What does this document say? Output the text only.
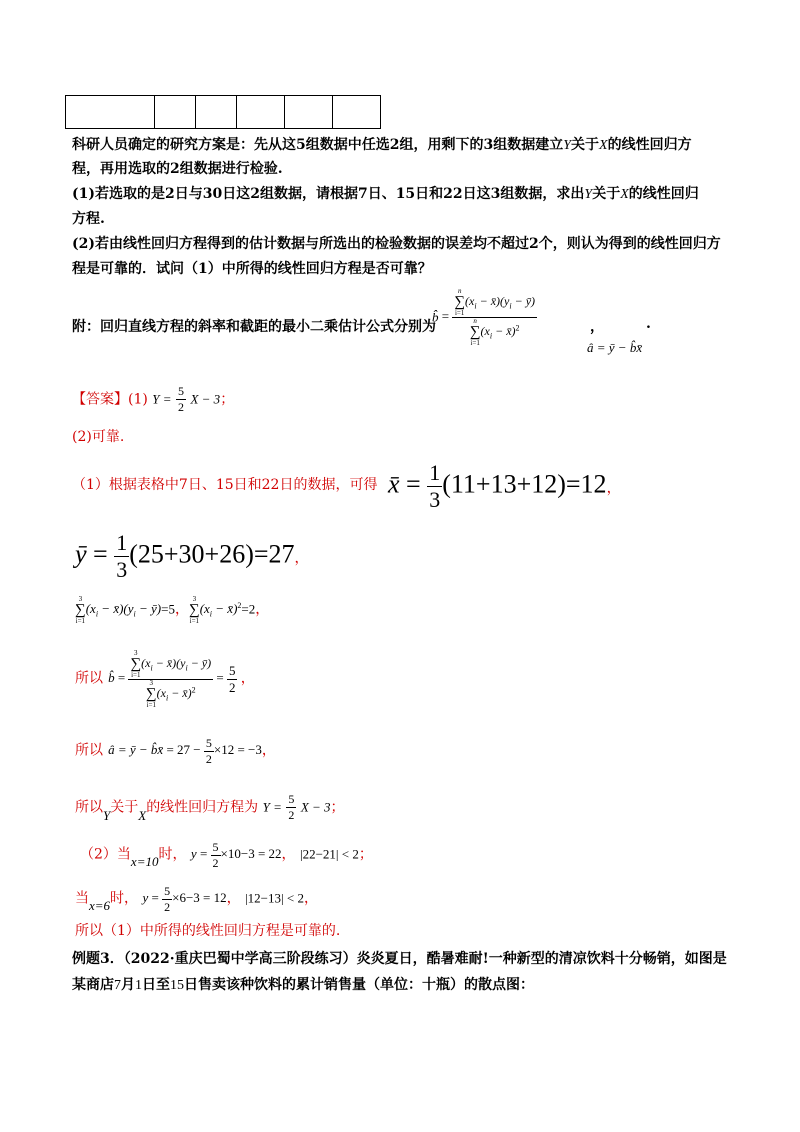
科研人员确定的研究方案是：先从这5组数据中任选2组，用剩下的3组数据建立Y关于X的线性回归方
程，再用选取的2组数据进行检验.
(1)若选取的是2日与30日这2组数据，请根据7日、15日和22日这3组数据，求出Y关于X的线性回归
方程.
(2)若由线性回归方程得到的估计数据与所选出的检验数据的误差均不超过2个，则认为得到的线性回归方
程是可靠的．试问（1）中所得的线性回归方程是否可靠？
附：回归直线方程的斜率和截距的最小二乘估计公式分别为
b̂ = n
∑
i=1
($x_i$ − $x̄)(y_i$ − ȳ)
n
∑
i=1
($x_i$ − x̄)$^2$	，
â = ȳ − b̂x̄
.
【答案】(1) $Y = \frac{5}{2}$ X − 3；
(2)可靠.
（1）根据表格中7日、15日和22日的数据，可得 x̄ = $\frac{1}{3} (11+13+12)=12$，
ȳ = $\frac{1}{3} (25+30+26)=27$，
3
∑
i=1
($x_i$ − $x̄)(y_i$ − ȳ)=5，
3
∑
i=1
($x_i$ − x̄)$^2$=2，
所以 b̂ = 3
∑
i=1
($x_i$ − $x̄)(y_i$ − ȳ)
3
∑
i=1
($x_i$ − x̄)$^2$ = $\frac{5}{2}$ ，
所以 â = ȳ − b̂x̄ = $27 - \frac{5}{2} \times 12 = -3$，
所以Y关于X的线性回归方程为 $Y = \frac{5}{2}$ X − 3；
（2）当x=10时， $y = \frac{5}{2} \times 10-3 = 22$， |22−21| < 2；
当x=6时， $y = \frac{5}{2} \times 6-3 = 12$， |12−13| < 2，
所以（1）中所得的线性回归方程是可靠的.
例题3．（2022·重庆巴蜀中学高三阶段练习）炎炎夏日，酷暑难耐!一种新型的清凉饮料十分畅销，如图是
某商店7月1日至15日售卖该种饮料的累计销售量（单位：十瓶）的散点图：
